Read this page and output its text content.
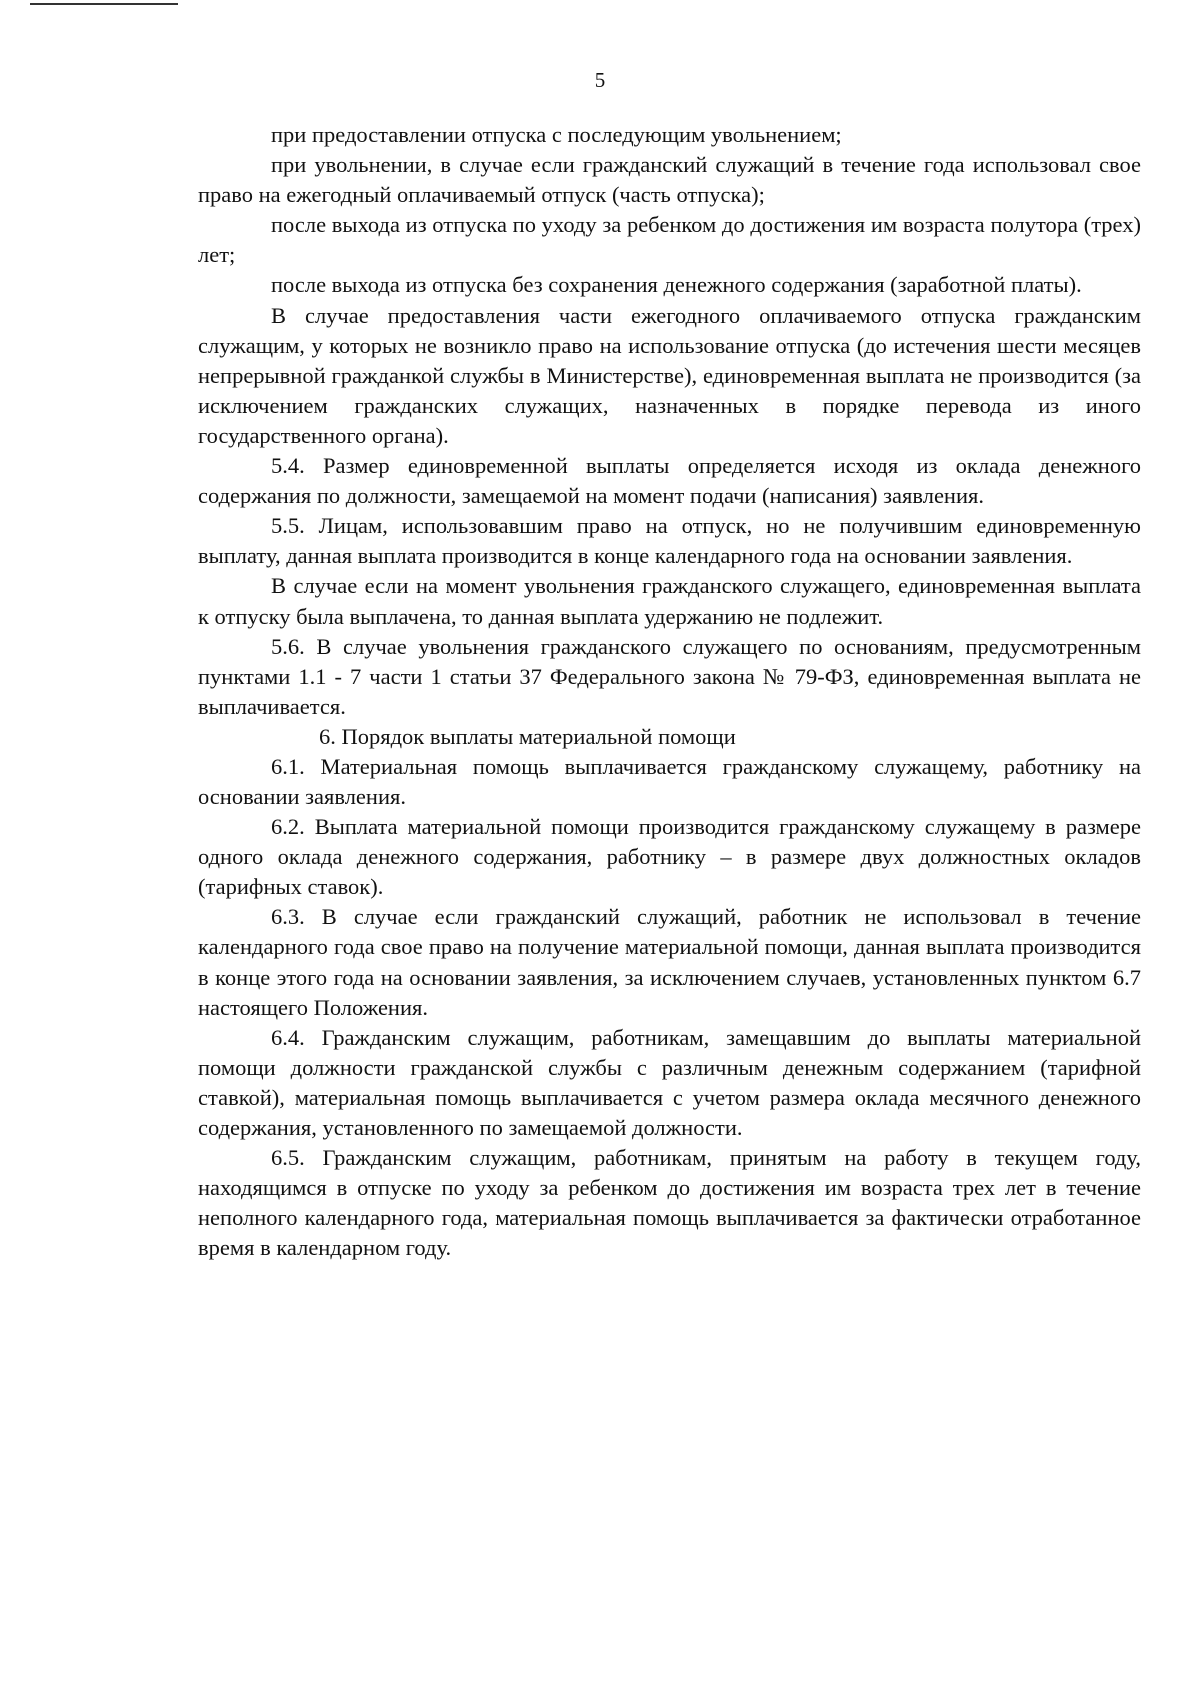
5

при предоставлении отпуска с последующим увольнением;

при увольнении, в случае если гражданский служащий в течение года использовал свое право на ежегодный оплачиваемый отпуск (часть отпуска);

после выхода из отпуска по уходу за ребенком до достижения им возраста полутора (трех) лет;

после выхода из отпуска без сохранения денежного содержания (заработной платы).

В случае предоставления части ежегодного оплачиваемого отпуска гражданским служащим, у которых не возникло право на использование отпуска (до истечения шести месяцев непрерывной гражданкой службы в Министерстве), единовременная выплата не производится (за исключением гражданских служащих, назначенных в порядке перевода из иного государственного органа).

5.4. Размер единовременной выплаты определяется исходя из оклада денежного содержания по должности, замещаемой на момент подачи (написания) заявления.

5.5. Лицам, использовавшим право на отпуск, но не получившим единовременную выплату, данная выплата производится в конце календарного года на основании заявления.

В случае если на момент увольнения гражданского служащего, единовременная выплата к отпуску была выплачена, то данная выплата удержанию не подлежит.

5.6. В случае увольнения гражданского служащего по основаниям, предусмотренным пунктами 1.1 - 7 части 1 статьи 37 Федерального закона № 79-ФЗ, единовременная выплата не выплачивается.

6. Порядок выплаты материальной помощи

6.1. Материальная помощь выплачивается гражданскому служащему, работнику на основании заявления.

6.2. Выплата материальной помощи производится гражданскому служащему в размере одного оклада денежного содержания, работнику – в размере двух должностных окладов (тарифных ставок).

6.3. В случае если гражданский служащий, работник не использовал в течение календарного года свое право на получение материальной помощи, данная выплата производится в конце этого года на основании заявления, за исключением случаев, установленных пунктом 6.7 настоящего Положения.

6.4. Гражданским служащим, работникам, замещавшим до выплаты материальной помощи должности гражданской службы с различным денежным содержанием (тарифной ставкой), материальная помощь выплачивается с учетом размера оклада месячного денежного содержания, установленного по замещаемой должности.

6.5. Гражданским служащим, работникам, принятым на работу в текущем году, находящимся в отпуске по уходу за ребенком до достижения им возраста трех лет в течение неполного календарного года, материальная помощь выплачивается за фактически отработанное время в календарном году.
